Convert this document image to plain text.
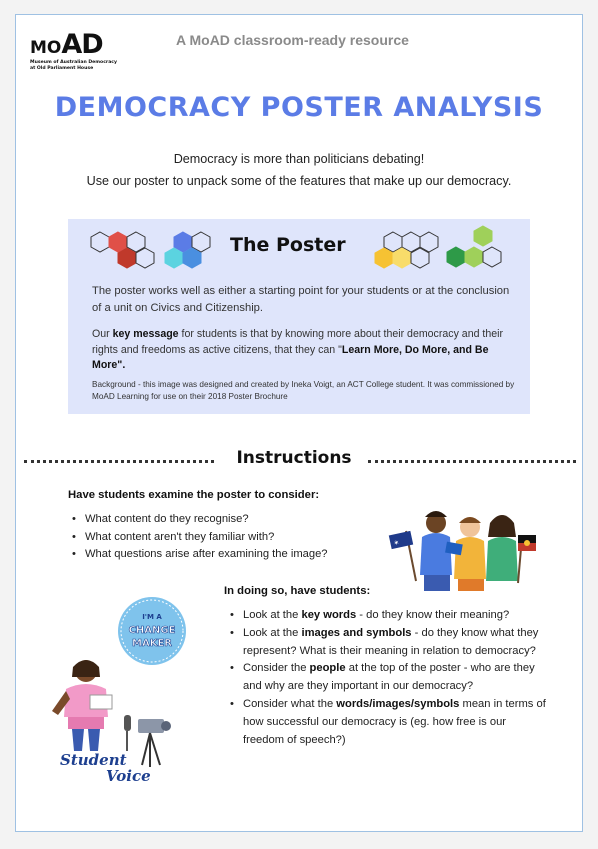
MOAD
Museum of Australian Democracy
at Old Parliament House
A MoAD classroom-ready resource
DEMOCRACY POSTER ANALYSIS
Democracy is more than politicians debating!
Use our poster to unpack some of the features that make up our democracy.
The Poster
The poster works well as either a starting point for your students or at the conclusion of a unit on Civics and Citizenship.
Our key message for students is that by knowing more about their democracy and their rights and freedoms as active citizens, that they can "Learn More, Do More, and Be More".
Background - this image was designed and created by Ineka Voigt, an ACT College student. It was commissioned by MoAD Learning for use on their 2018 Poster Brochure
Instructions
Have students examine the poster to consider:
• What content do they recognise?
• What content aren't they familiar with?
• What questions arise after examining the image?
✶
In doing so, have students:
• Look at the key words - do they know their meaning?
• Look at the images and symbols - do they know what they represent? What is their meaning in relation to democracy?
• Consider the people at the top of the poster - who are they and why are they important in our democracy?
• Consider what the words/images/symbols mean in terms of how successful our democracy is (eg. how free is our freedom of speech?)
I'M A
CHANGE
MAKER
Student
Voice
